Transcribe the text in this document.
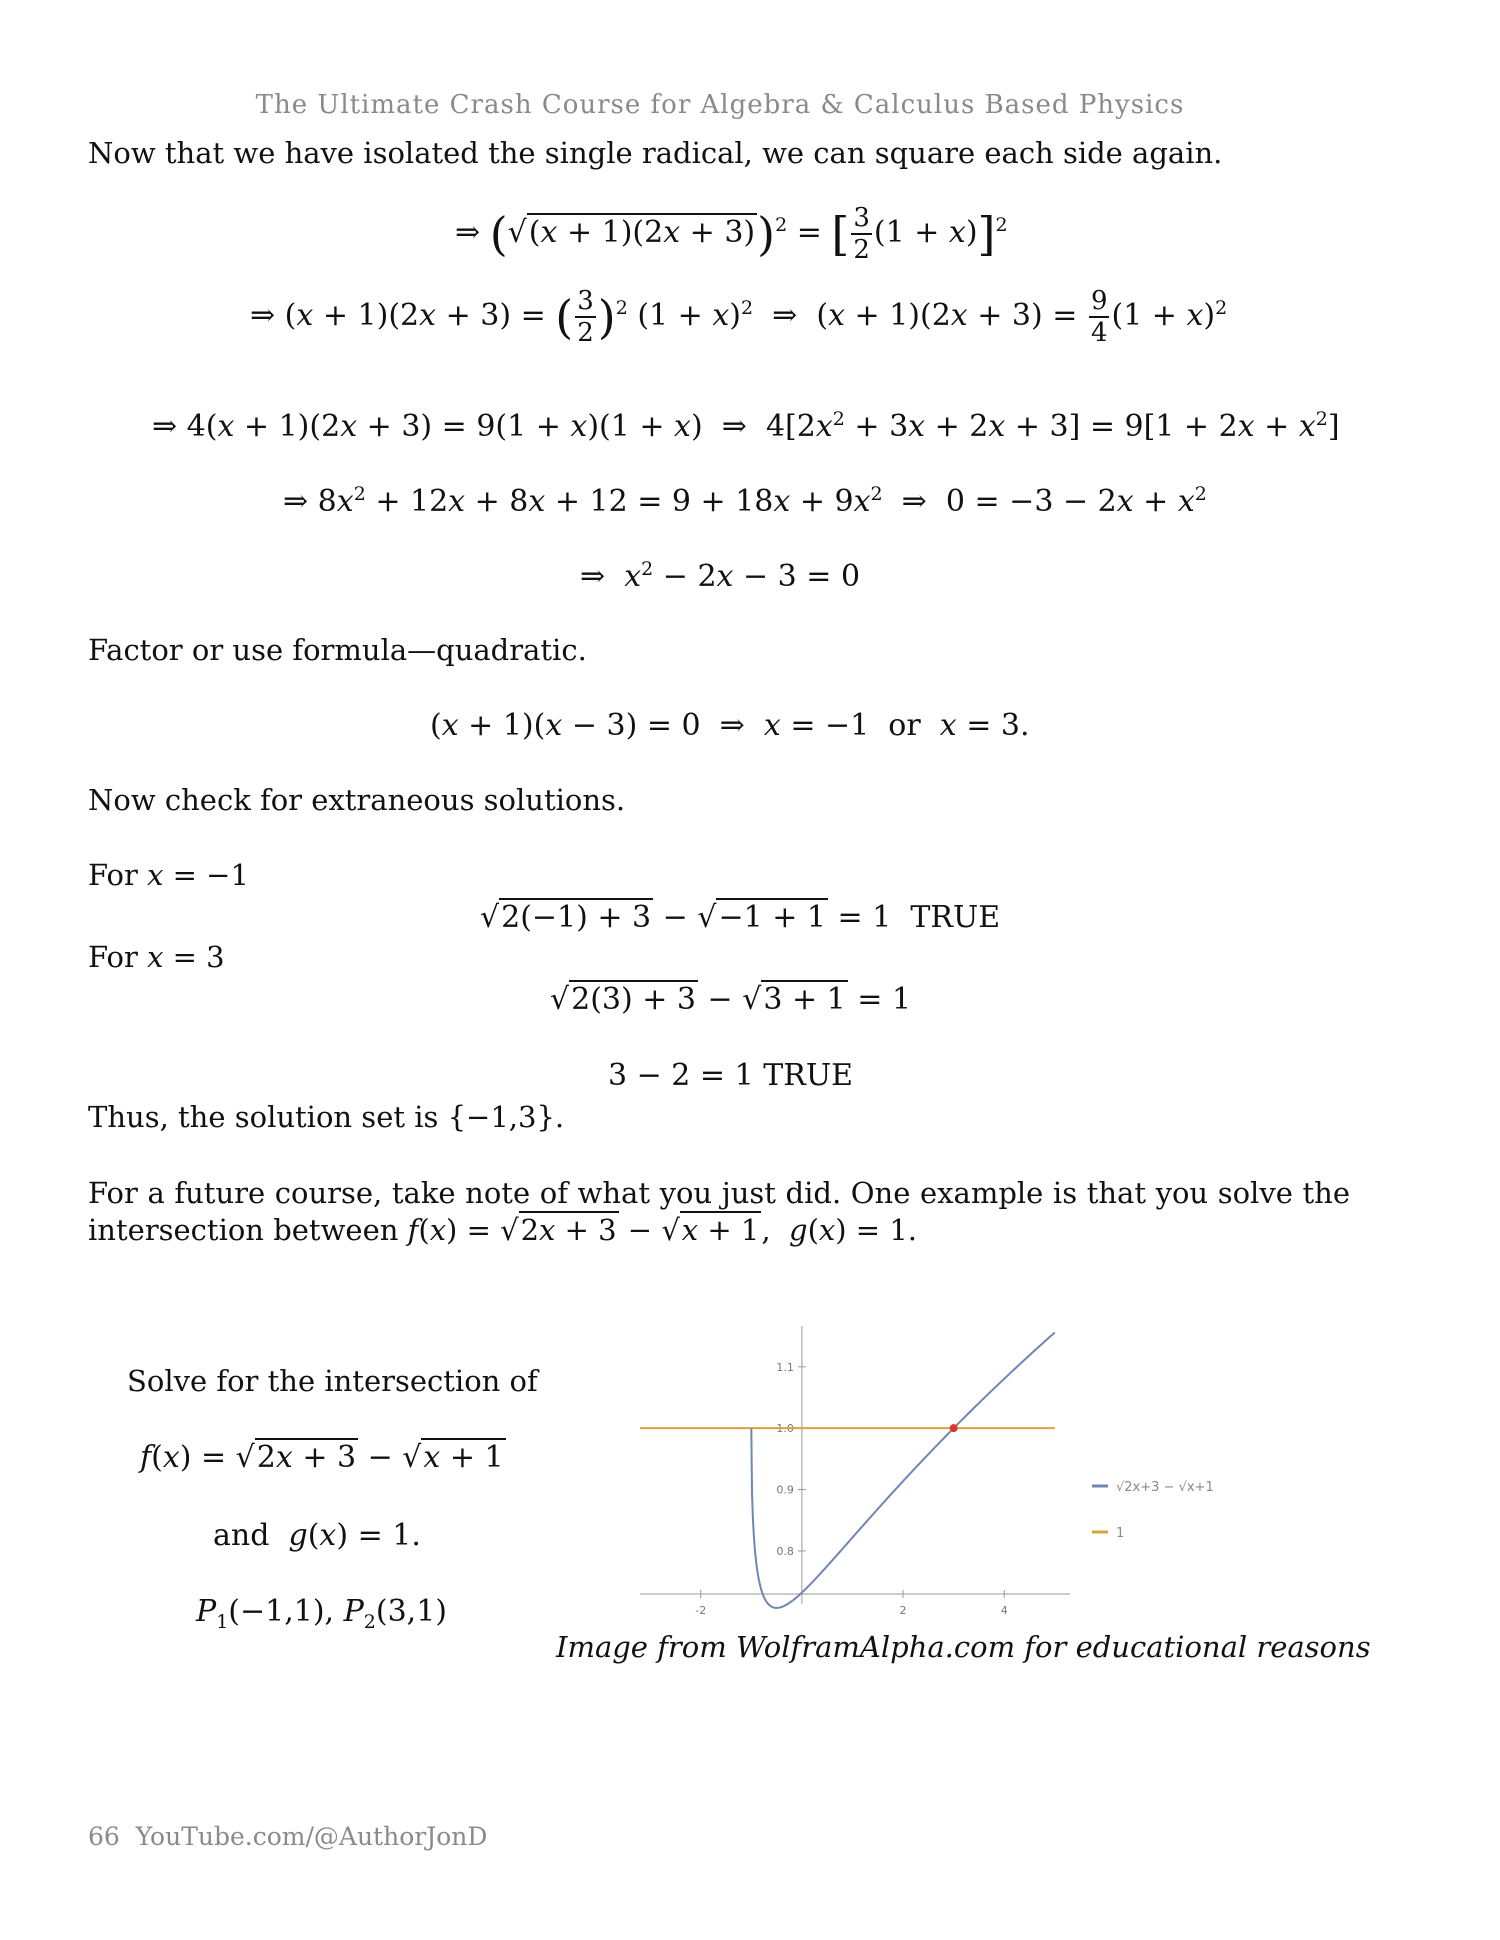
The Ultimate Crash Course for Algebra & Calculus Based Physics
Now that we have isolated the single radical, we can square each side again.
⇒ $(√(x + 1)(2x + 3))^2$ = [ $\frac{3}{2} (1 + x)]^2$
⇒ (x + 1)(2x + 3) = ( $\frac{3}{2} )^2$ $(1 + x)^2$  ⇒  $(x + 1)(2x + 3) = \frac{9}{4} (1 + x)^2$
⇒ 4(x + 1)(2x + 3) = 9(1 + x)(1 + x)  ⇒  $4[2x^2 + 3x + 2x + 3] = 9[1 + 2x + x^2]$
⇒ $8x^2 + 12x + 8x + 12 = 9 + 18x + 9x^2$  ⇒  $0 = -3 - 2x + x^2$
⇒  $x^2 - 2x - 3 = 0$
Factor or use formula—quadratic.
(x + 1)(x − 3) = 0  ⇒  x = −1  or  x = 3.
Now check for extraneous solutions.
For x = −1
√2(−1) + 3 − √−1 + 1 = 1  TRUE
For x = 3
√2(3) + 3 − √3 + 1 = 1
3 − 2 = 1 TRUE
Thus, the solution set is {−1,3}.
For a future course, take note of what you just did. One example is that you solve the intersection between f(x) = √2x + 3 − √x + 1,  g(x) = 1.
Solve for the intersection of
f(x) = √2x + 3 − √x + 1
and  g(x) = 1.
$P_1(-1,1)$, $P_2(3,1)$	-2	2	4
0.8
0.9
1.0
1.1
√2x+3 − √x+1
1
Image from WolframAlpha.com for educational reasons
66 YouTube.com/@AuthorJonD
